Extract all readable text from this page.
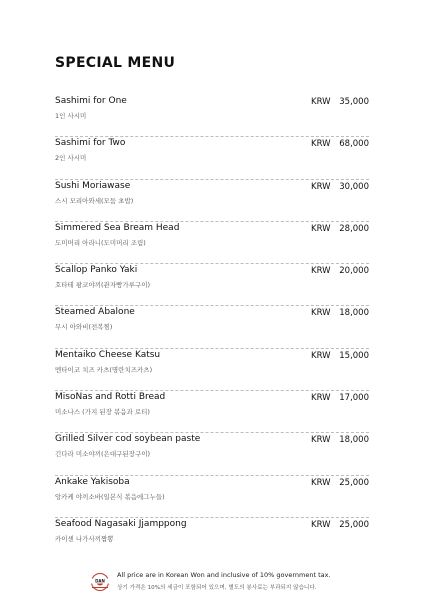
SPECIAL MENU
Sashimi for One
1인 사시미
KRW 35,000
Sashimi for Two
2인 사시미
KRW 68,000
Sushi Moriawase
스시 모리아와세(모둠 초밥)
KRW 30,000
Simmered Sea Bream Head
도미머리 아라니(도미머리 조림)
KRW 28,000
Scallop Panko Yaki
호타테 팡코야끼(관자빵가루구이)
KRW 20,000
Steamed Abalone
무시 아와비(전복찜)
KRW 18,000
Mentaiko Cheese Katsu
멘타이코 치즈 카츠(명란치즈카츠)
KRW 15,000
MisoNas and Rotti Bread
미소나스 (가지 된장 볶음과 로티)
KRW 17,000
Grilled Silver cod soybean paste
긴다라 미소야끼(은대구된장구이)
KRW 18,000
Ankake Yakisoba
앙카케 야끼소바(일본식 볶음에그누들)
KRW 25,000
Seafood Nagasaki Jjamppong
카이센 나가사끼짬뽕
KRW 25,000
DAN
All price are in Korean Won and inclusive of 10% government tax.
상기 가격은 10%의 세금이 포함되어 있으며, 별도의 봉사료는 부과되지 않습니다.
